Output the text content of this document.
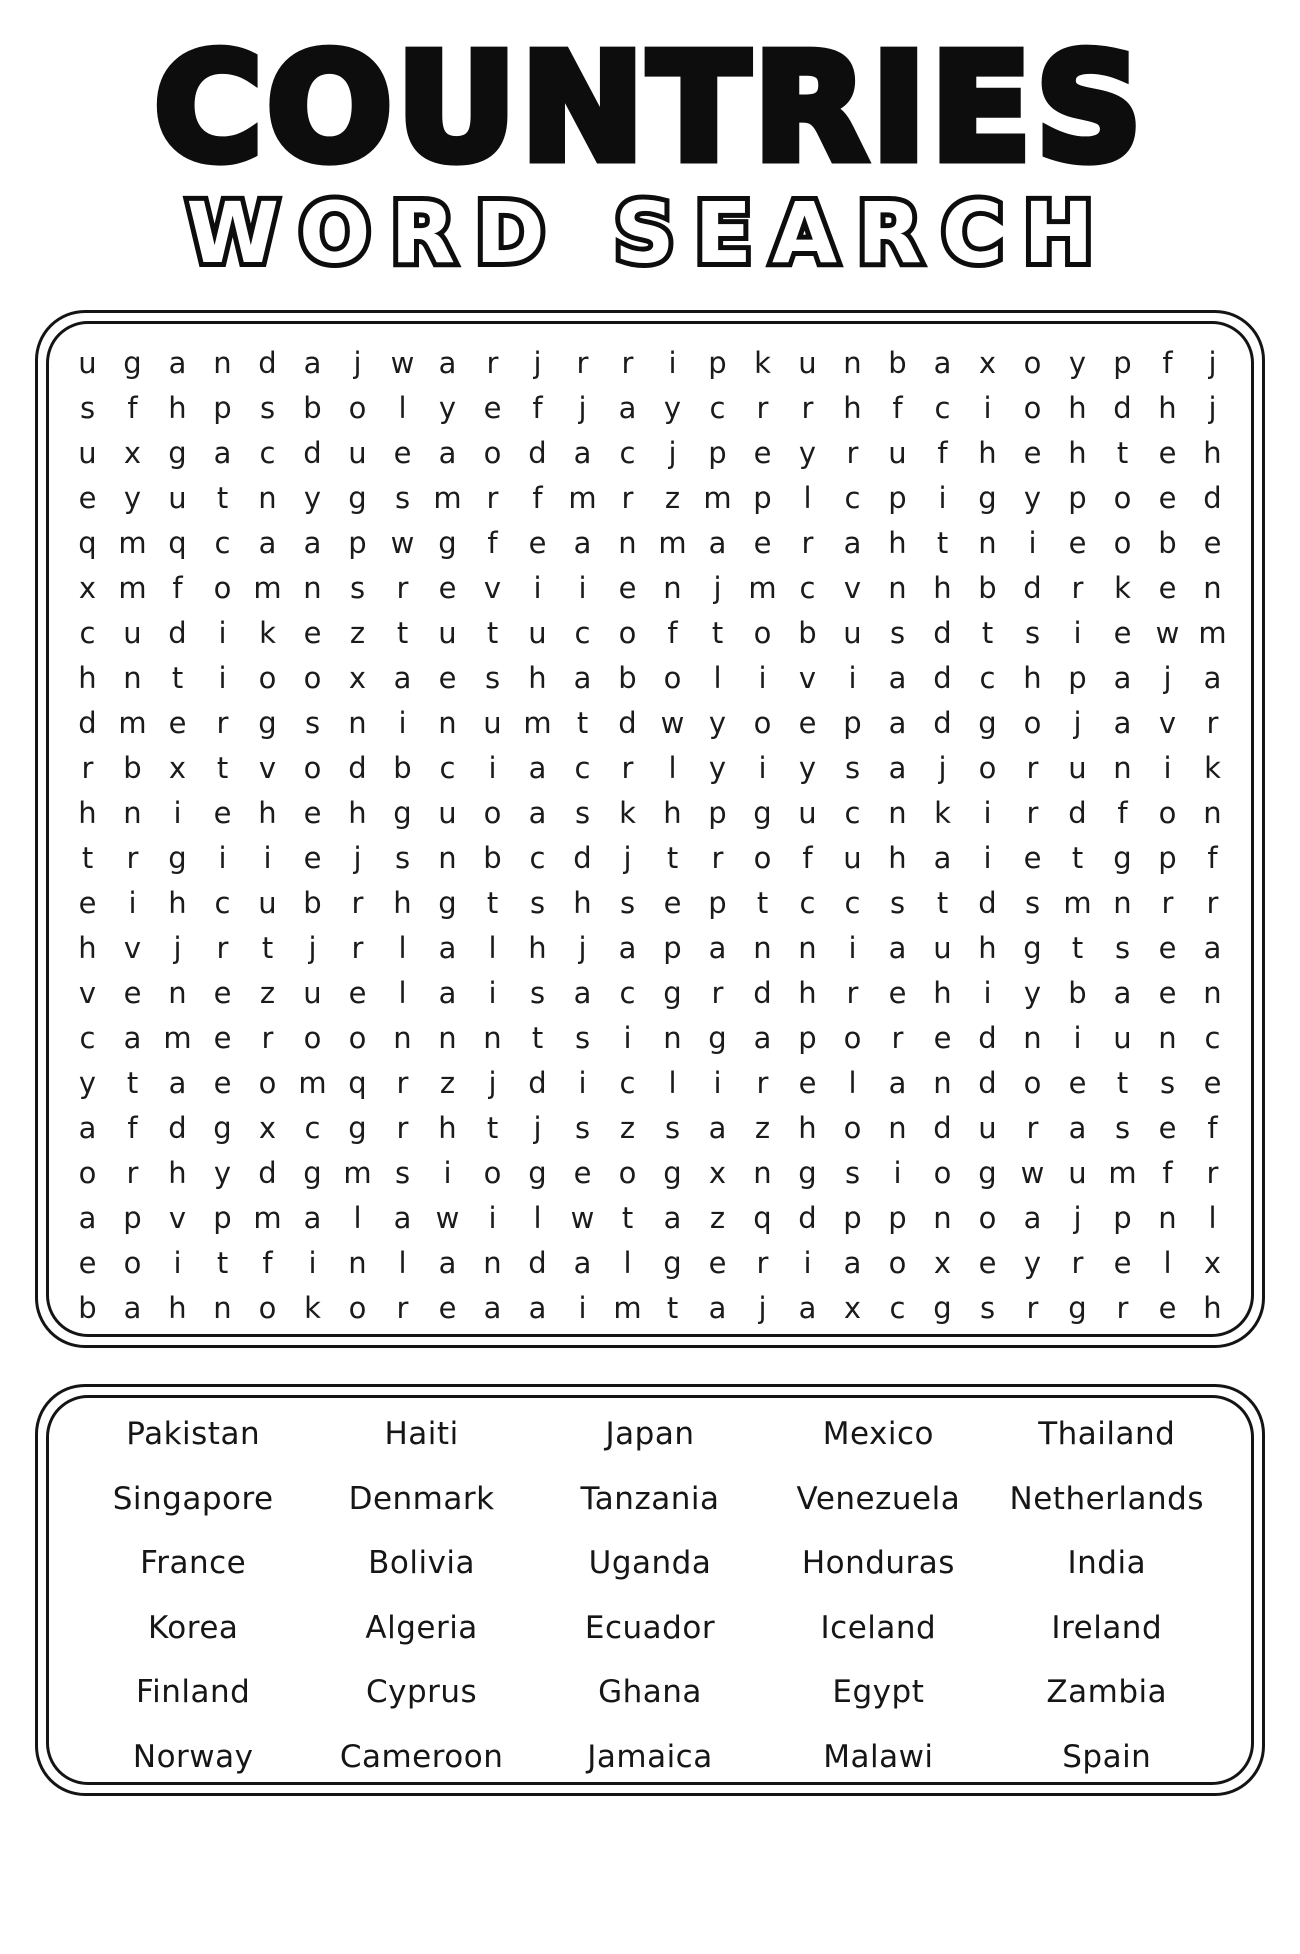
COUNTRIES
WORD SEARCH WORD SEARCH
u g a n d a	j	w a	r	j	r	r	i	p k u n b a x o y p	f	j
s	f	h p s b o	l	y e	f	j	a y c	r	r	h	f	c	i	o h d h	j
u x g a c d u e a o d a c	j	p e y	r	u	f	h e h	t	e h
e y u	t	n y g s m r	f m r	z m p	l	c p	i	g y p o e d
q m q c a a p w g	f	e a n m a e	r	a h	t	n	i	e o b e
x m f	o m n s	r	e v	i	i	e n	j m c v n h b d	r	k e n
c u d	i	k e z	t	u	t	u c o	f	t	o b u s d	t	s	i	e w m
h n	t	i	o o x a e s h a b o	l	i	v	i	a d c h p a	j	a
d m e	r	g s n	i	n u m t	d w y o e p a d g o	j	a v	r
r	b x	t	v o d b c	i	a c	r	l	y	i	y s a	j	o	r	u n	i	k
h n	i	e h e h g u o a s	k h p g u c n k	i	r	d	f	o n
t	r	g	i	i	e	j	s n b c d	j	t	r	o	f	u h a	i	e	t	g p	f
e	i	h c u b	r	h g	t	s h s e p	t	c	c	s	t	d s m n	r	r
h v	j	r	t	j	r	l	a	l	h	j	a p a n n	i	a u h g	t	s e a
v e n e z u e	l	a	i	s a c g	r	d h	r	e h	i	y b a e n
c a m e	r	o o n n n	t	s	i	n g a p o	r	e d n	i	u n c
y	t	a e o m q	r	z	j	d	i	c	l	i	r	e	l	a n d o e	t	s e
a	f	d g x c g	r	h	t	j	s	z	s a z h o n d u	r	a s e	f
o	r	h y d g m s	i	o g e o g x n g s	i	o g w u m f	r
a p v p m a	l	a w	i	l	w t	a z q d p p n o a	j	p n	l
e o	i	t	f	i	n	l	a n d a	l	g e	r	i	a o x e y	r	e	l	x
b a h n o k o	r	e a a	i m t	a	j	a x c g s	r	g	r	e h
Pakistan	Haiti	Japan	Mexico	Thailand
Singapore	Denmark	Tanzania	Venezuela	Netherlands
France	Bolivia	Uganda	Honduras	India
Korea	Algeria	Ecuador	Iceland	Ireland
Finland	Cyprus	Ghana	Egypt	Zambia
Norway	Cameroon	Jamaica	Malawi	Spain
